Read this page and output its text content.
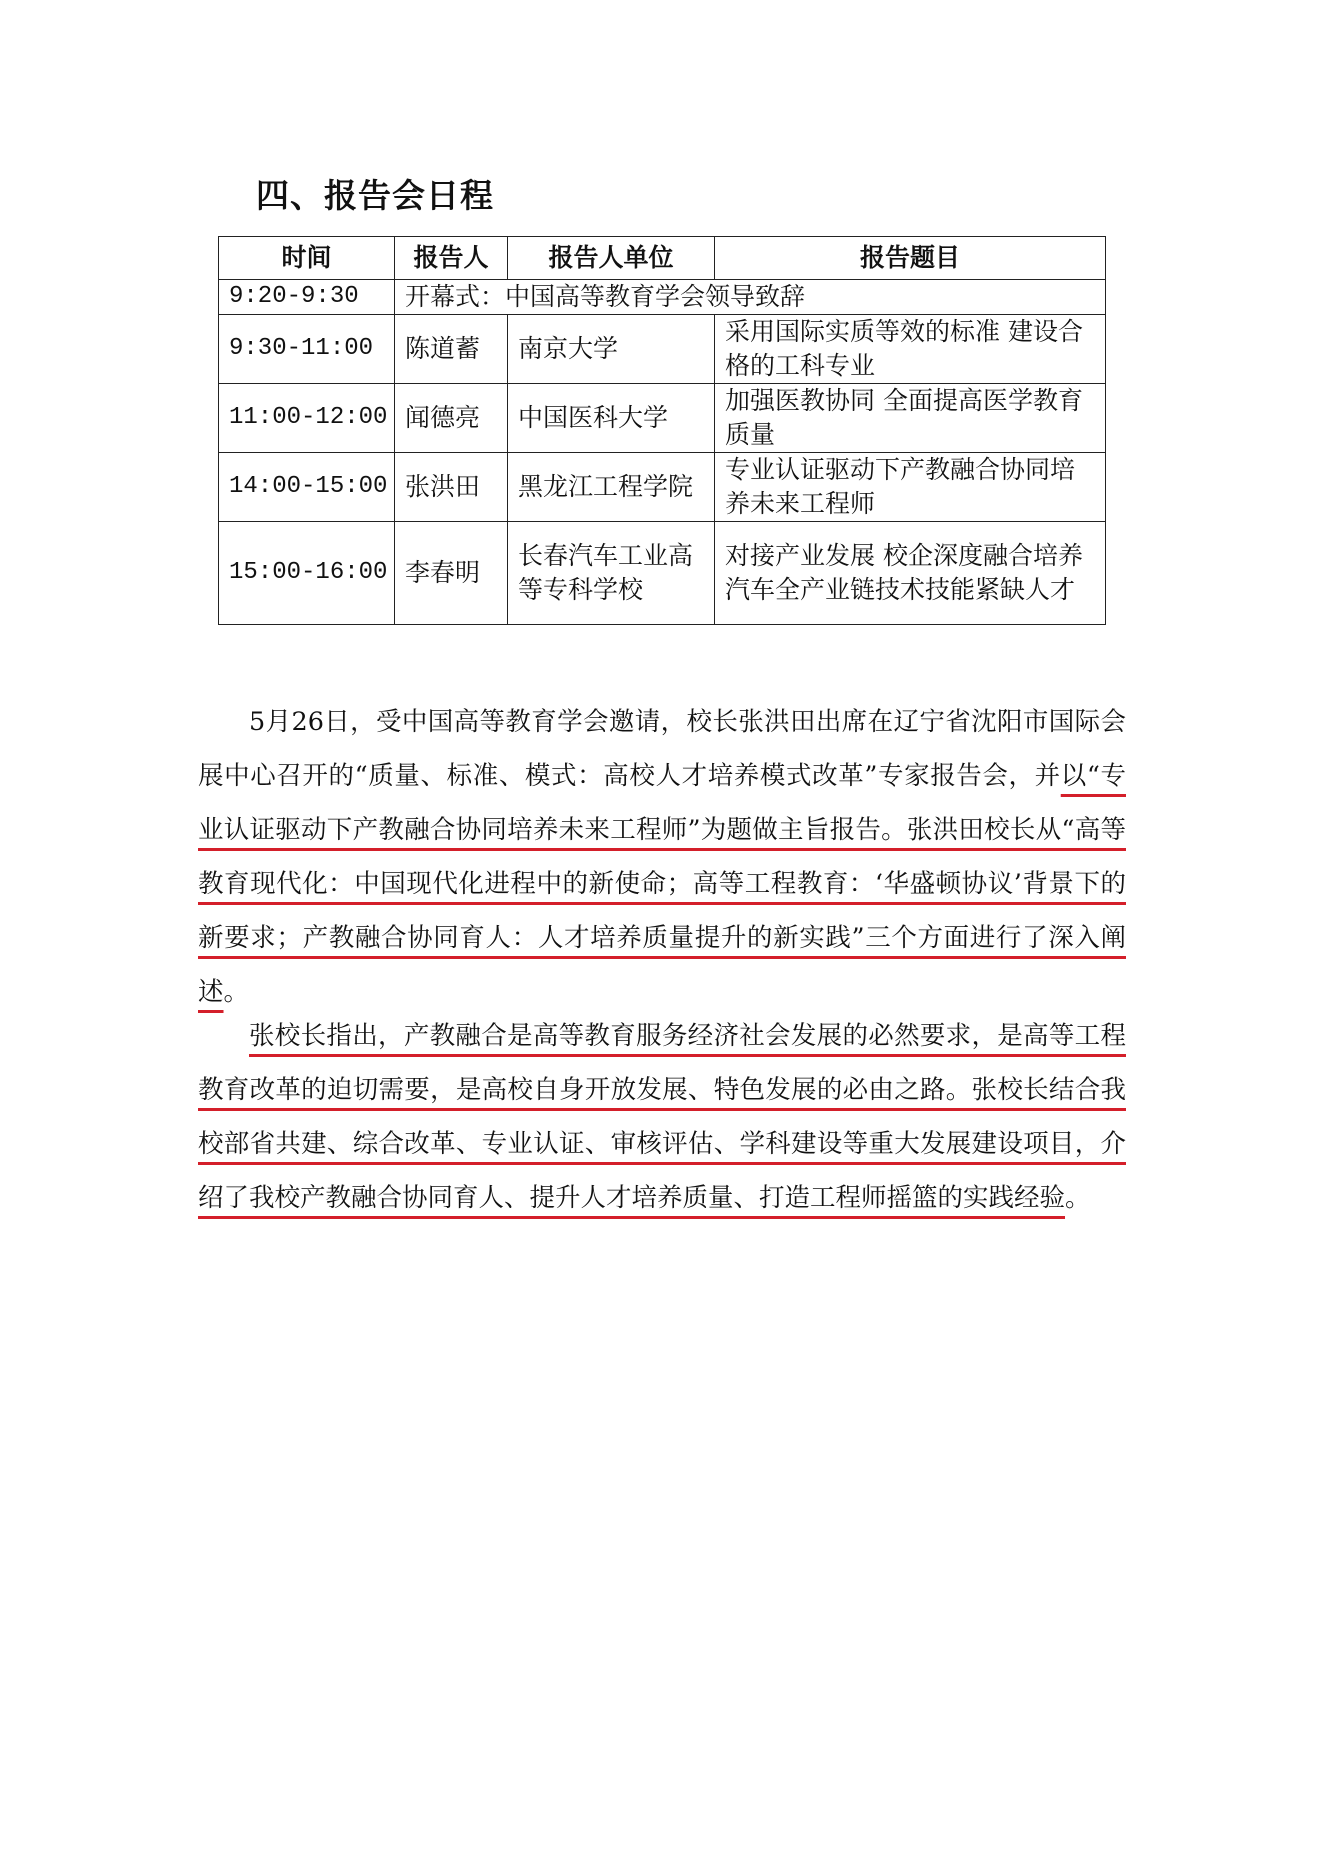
四、报告会日程
时间	报告人	报告人单位	报告题目
9:20-9:30	开幕式：中国高等教育学会领导致辞		
9:30-11:00	陈道蓄	南京大学	采用国际实质等效的标准 建设合格的工科专业
11:00-12:00	闻德亮	中国医科大学	加强医教协同 全面提高医学教育质量
14:00-15:00	张洪田	黑龙江工程学院	专业认证驱动下产教融合协同培养未来工程师
15:00-16:00	李春明	长春汽车工业高等专科学校	对接产业发展 校企深度融合培养汽车全产业链技术技能紧缺人才

5月26日，受中国高等教育学会邀请，校长张洪田出席在辽宁省沈阳市国际会展中心召开的“质量、标准、模式：高校人才培养模式改革”专家报告会，并以“专业认证驱动下产教融合协同培养未来工程师”为题做主旨报告。张洪田校长从“高等教育现代化：中国现代化进程中的新使命；高等工程教育：‘华盛顿协议’背景下的新要求；产教融合协同育人：人才培养质量提升的新实践”三个方面进行了深入阐述。

张校长指出，产教融合是高等教育服务经济社会发展的必然要求，是高等工程教育改革的迫切需要，是高校自身开放发展、特色发展的必由之路。张校长结合我校部省共建、综合改革、专业认证、审核评估、学科建设等重大发展建设项目，介绍了我校产教融合协同育人、提升人才培养质量、打造工程师摇篮的实践经验。
